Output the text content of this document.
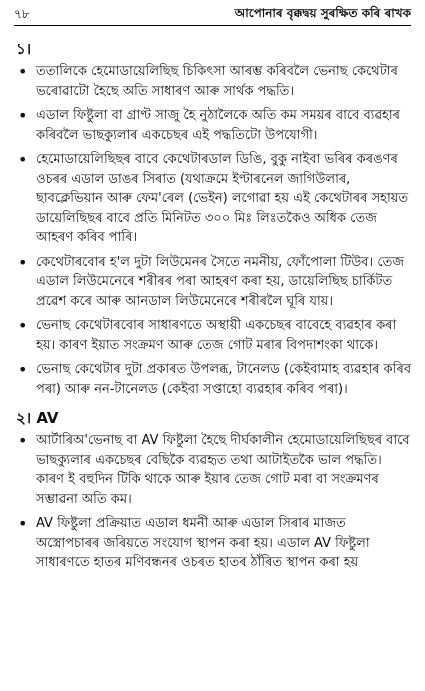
৭৮	আপোনাৰ বৃক্কদ্বয় সুৰক্ষিত কৰি ৰাখক
১।
• ততালিকে হেমোডায়েলিছিছ চিকিৎসা আৰম্ভ কৰিবলৈ ভেনাছ কেথেটাৰ ভৰোৱাটো হৈছে অতি সাধাৰণ আৰু সাৰ্থক পদ্ধতি।
• এডাল ফিষ্টুলা বা গ্ৰাণ্ট সাজু হৈ নুঠালৈকে অতি কম সময়ৰ বাবে ব্যৱহাৰ কৰিবলৈ ভাছক্যুলাৰ একচেছৰ এই পদ্ধতিটো উপযোগী।
• হেমোডায়েলিছিছৰ বাবে কেথেটাৰডাল ডিঙি, বুকু নাইবা ভৰিৰ কৰঙণৰ ওচৰৰ এডাল ডাঙৰ সিৰাত (যথাক্ৰমে ইণ্টাৰনেল জাগিউলাৰ, ছাবক্লেভিয়ান আৰু ফেম'ৰেল (ভেইন) লগোৱা হয় এই কেথেটাৰৰ সহায়ত ডায়েলিছিছৰ বাবে প্ৰতি মিনিটত ৩০০ মিঃ লিঃতকৈও অধিক তেজ আহৰণ কৰিব পাৰি।
• কেথেটাৰবোৰ হ'ল দুটা লিউমেনৰ সৈতে নমনীয়, ফোঁপোলা টিউব। তেজ এডাল লিউমেনেৰে শৰীৰৰ পৰা আহৰণ কৰা হয়, ডায়েলিছিছ চাৰ্কিটত প্ৰৱেশ কৰে আৰু আনডাল লিউমেনেৰে শৰীৰলৈ ঘূৰি যায়।
• ভেনাছ কেথেটাৰবোৰ সাধাৰণতে অস্থায়ী একচেছৰ বাবেহে ব্যৱহাৰ কৰা হয়। কাৰণ ইয়াত সংক্ৰমণ আৰু তেজ গোট মৰাৰ বিপদাশংকা থাকে।
• ভেনাছ কেথেটাৰ দুটা প্ৰকাৰত উপলব্ধ, টানেলড (কেইবামাহ ব্যৱহাৰ কৰিব পৰা) আৰু নন-টানেলড (কেইবা সপ্তাহো ব্যৱহাৰ কৰিব পৰা)।
২। AV
• আৰ্টাৰিঅ'ভেনাছ বা AV ফিষ্টুলা হৈছে দীৰ্ঘকালীন হেমোডায়েলিছিছৰ বাবে ভাছক্যুলাৰ একচেছৰ বেছিকৈ ব্যৱহৃত তথা আটাইতকৈ ভাল পদ্ধতি। কাৰণ ই বহুদিন টিকি থাকে আৰু ইয়াৰ তেজ গোট মৰা বা সংক্ৰমণৰ সম্ভাৱনা অতি কম।
• AV ফিষ্টুলা প্ৰক্ৰিয়াত এডাল ধমনী আৰু এডাল সিৰাৰ মাজত অস্ত্ৰোপচাৰৰ জৰিয়তে সংযোগ স্থাপন কৰা হয়। এডাল AV ফিষ্টুলা সাধাৰণতে হাতৰ মণিবন্ধনৰ ওচৰত হাতৰ ঠাঁৰিত স্থাপন কৰা হয়
